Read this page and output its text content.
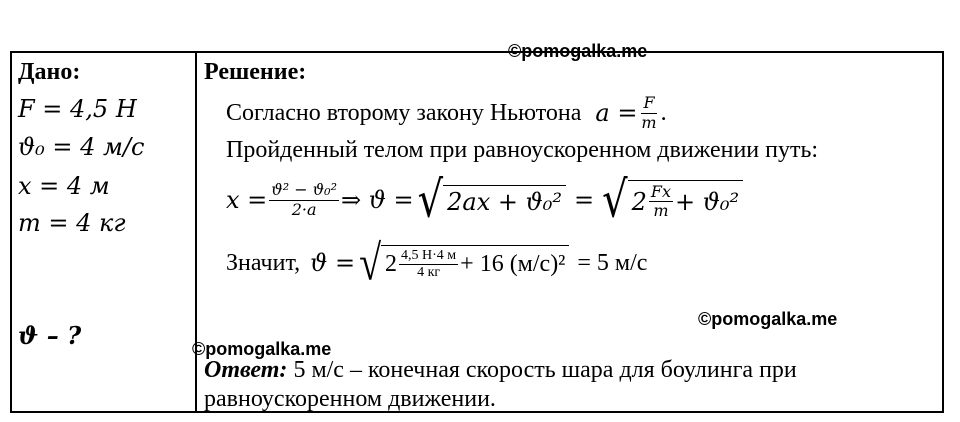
©pomogalka.me
Дано:
F = 4,5 H
ϑ₀ = 4 м/с
x = 4 м
m = 4 кг
ϑ – ?
Решение:
Согласно второму закону Ньютона $a = \frac{F}{m}$ .
Пройденный телом при равноускоренном движении путь:
$x = \frac{\text{ϑ² − ϑ₀²}}{2\cdot a}$ ⇒ ϑ = √ 2ax + ϑ₀² = √ $2 \frac{Fx}{m} + ϑ_0^2$
Значит, ϑ = √ $2 \frac{4,5 Н\cdot 4 м}{4 кг} + 16$ (м/с)² = 5 м/с
©pomogalka.me
©pomogalka.me
Ответ: 5 м/с – конечная скорость шара для боулинга при
равноускоренном движении.
